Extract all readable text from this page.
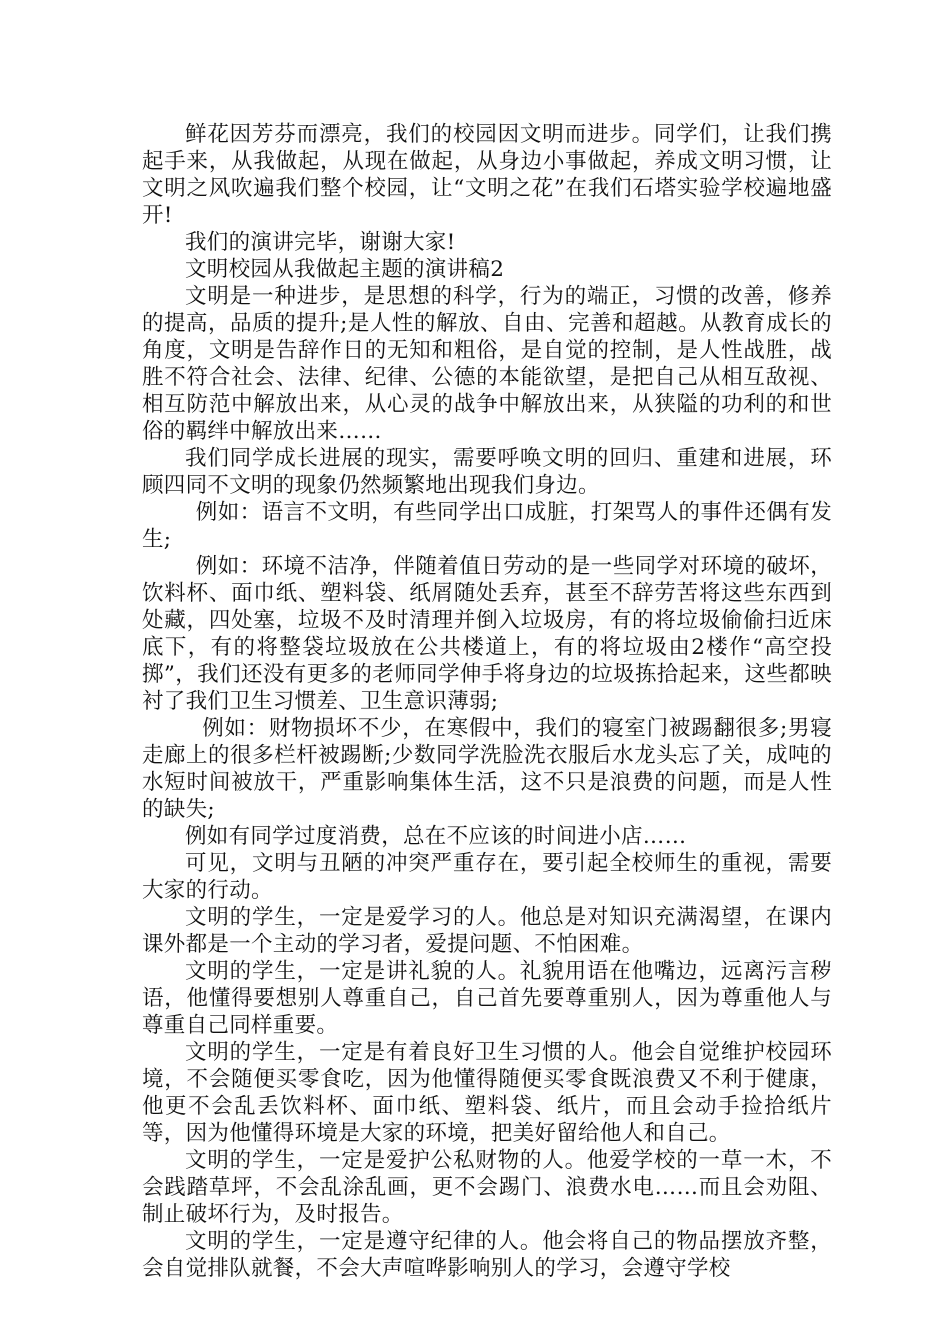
鲜花因芳芬而漂亮，我们的校园因文明而进步。同学们，让我们携起手来，从我做起，从现在做起，从身边小事做起，养成文明习惯，让文明之风吹遍我们整个校园，让“文明之花”在我们石塔实验学校遍地盛开!

我们的演讲完毕，谢谢大家!

文明校园从我做起主题的演讲稿2

文明是一种进步，是思想的科学，行为的端正，习惯的改善，修养的提高，品质的提升;是人性的解放、自由、完善和超越。从教育成长的角度，文明是告辞作日的无知和粗俗，是自觉的控制，是人性战胜，战胜不符合社会、法律、纪律、公德的本能欲望，是把自己从相互敌视、相互防范中解放出来，从心灵的战争中解放出来，从狭隘的功利的和世俗的羁绊中解放出来……

我们同学成长进展的现实，需要呼唤文明的回归、重建和进展，环顾四同不文明的现象仍然频繁地出现我们身边。

例如：语言不文明，有些同学出口成脏，打架骂人的事件还偶有发生;

例如：环境不洁净，伴随着值日劳动的是一些同学对环境的破坏，饮料杯、面巾纸、塑料袋、纸屑随处丢弃，甚至不辞劳苦将这些东西到处藏，四处塞，垃圾不及时清理并倒入垃圾房，有的将垃圾偷偷扫近床底下，有的将整袋垃圾放在公共楼道上，有的将垃圾由2楼作“高空投掷”，我们还没有更多的老师同学伸手将身边的垃圾拣拾起来，这些都映衬了我们卫生习惯差、卫生意识薄弱;

例如：财物损坏不少，在寒假中，我们的寝室门被踢翻很多;男寝走廊上的很多栏杆被踢断;少数同学洗脸洗衣服后水龙头忘了关，成吨的水短时间被放干，严重影响集体生活，这不只是浪费的问题，而是人性的缺失;

例如有同学过度消费，总在不应该的时间进小店……

可见，文明与丑陋的冲突严重存在，要引起全校师生的重视，需要大家的行动。

文明的学生，一定是爱学习的人。他总是对知识充满渴望，在课内课外都是一个主动的学习者，爱提问题、不怕困难。

文明的学生，一定是讲礼貌的人。礼貌用语在他嘴边，远离污言秽语，他懂得要想别人尊重自己，自己首先要尊重别人，因为尊重他人与尊重自己同样重要。

文明的学生，一定是有着良好卫生习惯的人。他会自觉维护校园环境，不会随便买零食吃，因为他懂得随便买零食既浪费又不利于健康，他更不会乱丢饮料杯、面巾纸、塑料袋、纸片，而且会动手捡拾纸片等，因为他懂得环境是大家的环境，把美好留给他人和自己。

文明的学生，一定是爱护公私财物的人。他爱学校的一草一木，不会践踏草坪，不会乱涂乱画，更不会踢门、浪费水电……而且会劝阻、制止破坏行为，及时报告。

文明的学生，一定是遵守纪律的人。他会将自己的物品摆放齐整，会自觉排队就餐，不会大声喧哗影响别人的学习，会遵守学校
